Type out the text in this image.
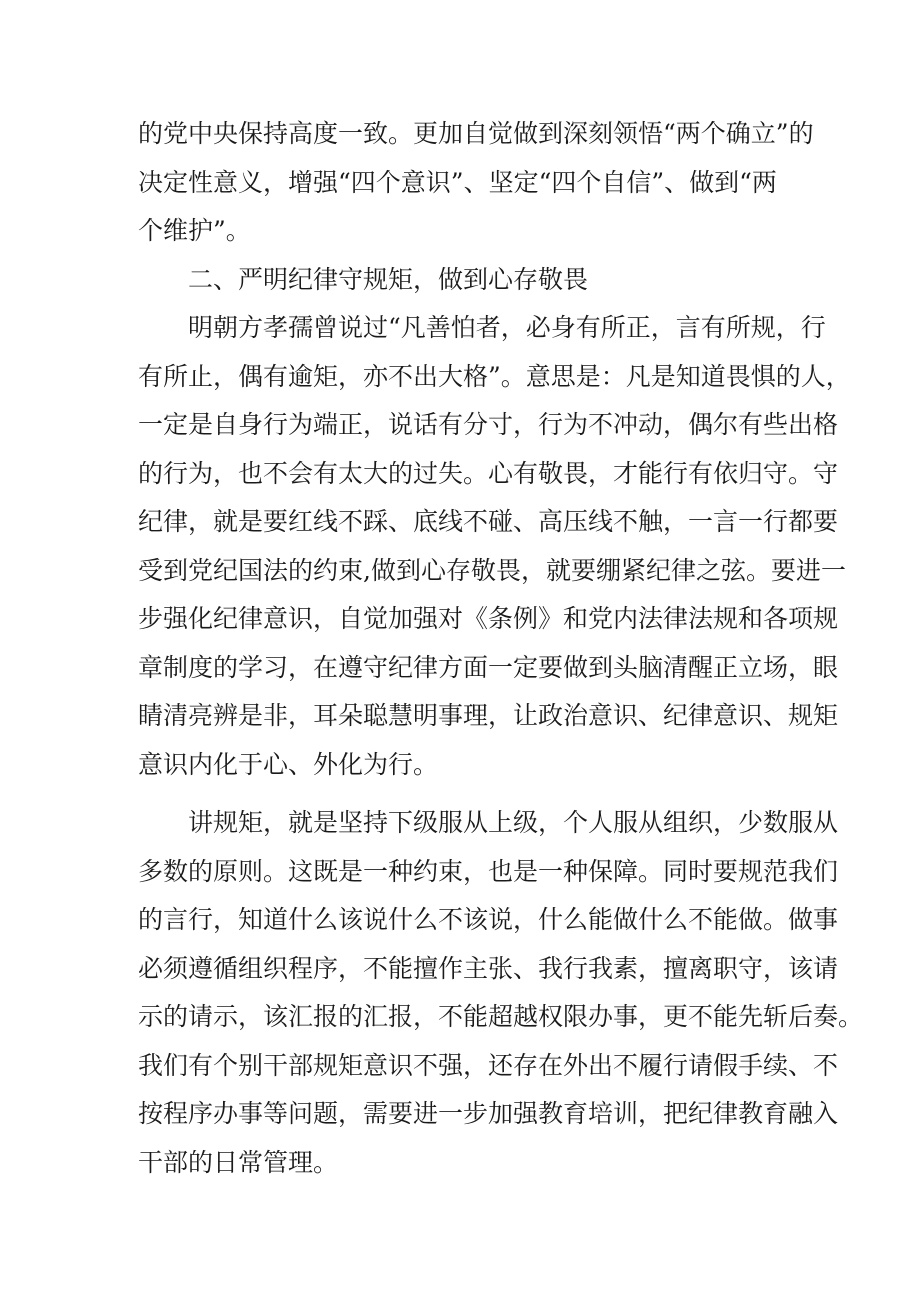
的党中央保持高度一致。更加自觉做到深刻领悟“两个确立”的
决定性意义，增强“四个意识”、坚定“四个自信”、做到“两
个维护”。
二、严明纪律守规矩，做到心存敬畏
明朝方孝孺曾说过“凡善怕者，必身有所正，言有所规，行
有所止，偶有逾矩，亦不出大格”。意思是：凡是知道畏惧的人，
一定是自身行为端正，说话有分寸，行为不冲动，偶尔有些出格
的行为，也不会有太大的过失。心有敬畏，才能行有依归守。守
纪律，就是要红线不踩、底线不碰、高压线不触，一言一行都要
受到党纪国法的约束,做到心存敬畏，就要绷紧纪律之弦。要进一
步强化纪律意识，自觉加强对《条例》和党内法律法规和各项规
章制度的学习，在遵守纪律方面一定要做到头脑清醒正立场，眼
睛清亮辨是非，耳朵聪慧明事理，让政治意识、纪律意识、规矩
意识内化于心、外化为行。
讲规矩，就是坚持下级服从上级，个人服从组织，少数服从
多数的原则。这既是一种约束，也是一种保障。同时要规范我们
的言行，知道什么该说什么不该说，什么能做什么不能做。做事
必须遵循组织程序，不能擅作主张、我行我素，擅离职守，该请
示的请示，该汇报的汇报，不能超越权限办事，更不能先斩后奏。
我们有个别干部规矩意识不强，还存在外出不履行请假手续、不
按程序办事等问题，需要进一步加强教育培训，把纪律教育融入
干部的日常管理。
